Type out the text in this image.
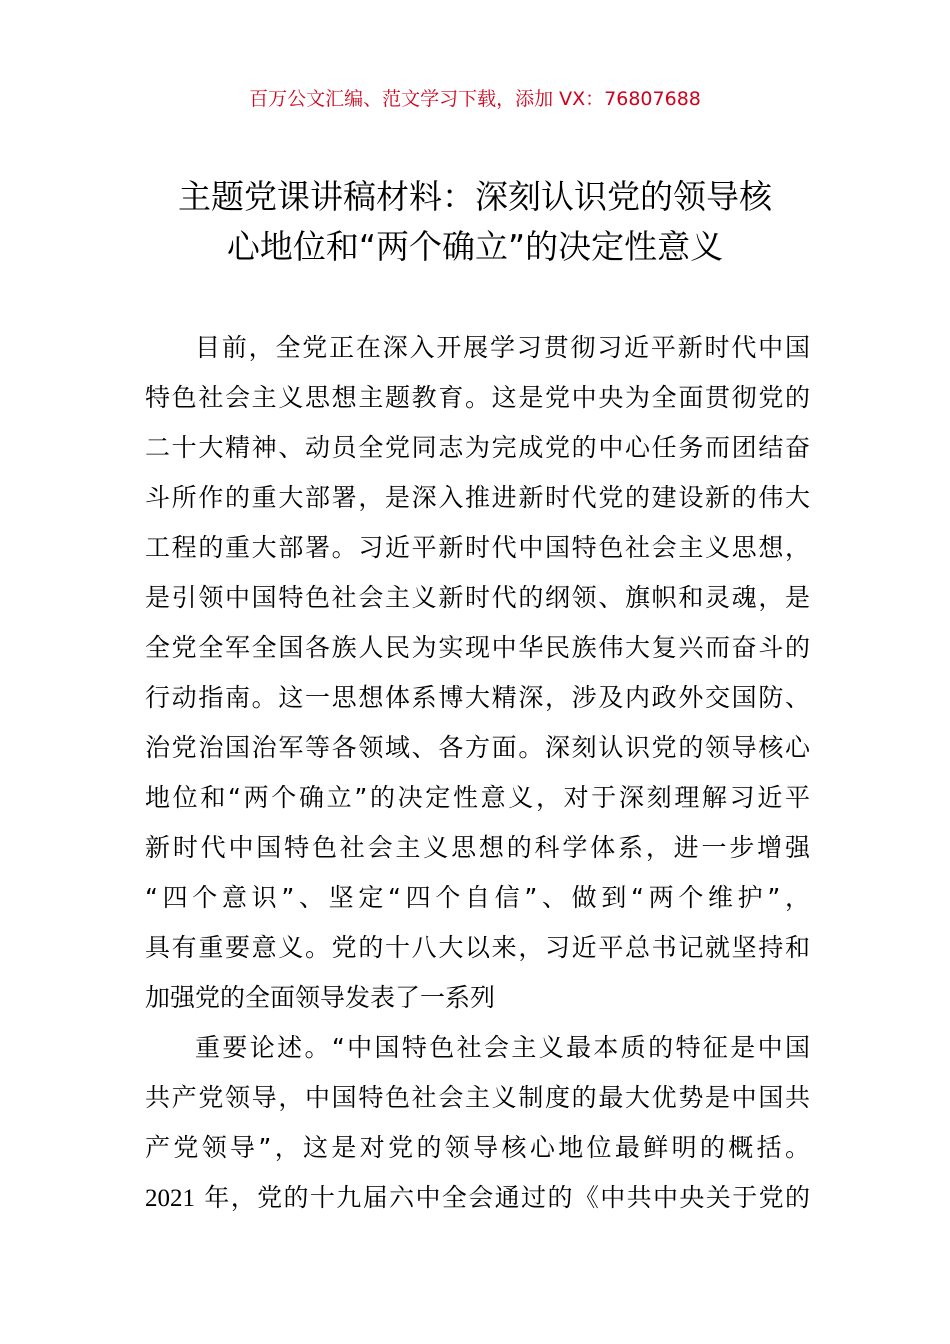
百万公文汇编、范文学习下载，添加 VX：76807688
主题党课讲稿材料：深刻认识党的领导核
心地位和“两个确立”的决定性意义
目前，全党正在深入开展学习贯彻习近平新时代中国
特色社会主义思想主题教育。这是党中央为全面贯彻党的
二十大精神、动员全党同志为完成党的中心任务而团结奋
斗所作的重大部署，是深入推进新时代党的建设新的伟大
工程的重大部署。习近平新时代中国特色社会主义思想，
是引领中国特色社会主义新时代的纲领、旗帜和灵魂，是
全党全军全国各族人民为实现中华民族伟大复兴而奋斗的
行动指南。这一思想体系博大精深，涉及内政外交国防、
治党治国治军等各领域、各方面。深刻认识党的领导核心
地位和“两个确立”的决定性意义，对于深刻理解习近平
新时代中国特色社会主义思想的科学体系，进一步增强
“四个意识”、坚定“四个自信”、做到“两个维护”，
具有重要意义。党的十八大以来，习近平总书记就坚持和
加强党的全面领导发表了一系列
重要论述。“中国特色社会主义最本质的特征是中国
共产党领导，中国特色社会主义制度的最大优势是中国共
产党领导”，这是对党的领导核心地位最鲜明的概括。
2021 年，党的十九届六中全会通过的《中共中央关于党的
